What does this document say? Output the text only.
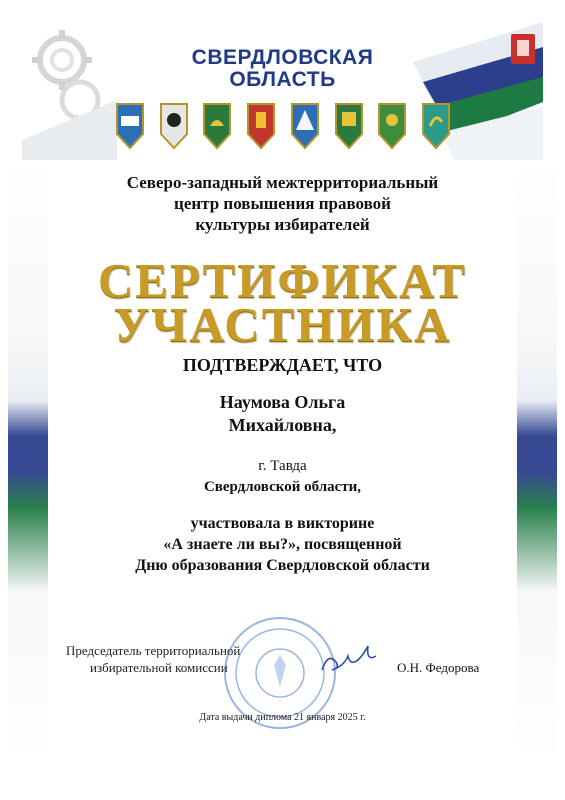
СВЕРДЛОВСКАЯ
ОБЛАСТЬ
Северо-западный межтерриториальный
центр повышения правовой
культуры избирателей
СЕРТИФИКАТ
УЧАСТНИКА
ПОДТВЕРЖДАЕТ, ЧТО
Наумова Ольга
Михайловна,
г. Тавда
Свердловской области,
участвовала в викторине
«А знаете ли вы?», посвященной
Дню образования Свердловской области
Председатель территориальной
избирательной комиссии	О.Н. Федорова
Дата выдачи диплома 21 января 2025 г.
